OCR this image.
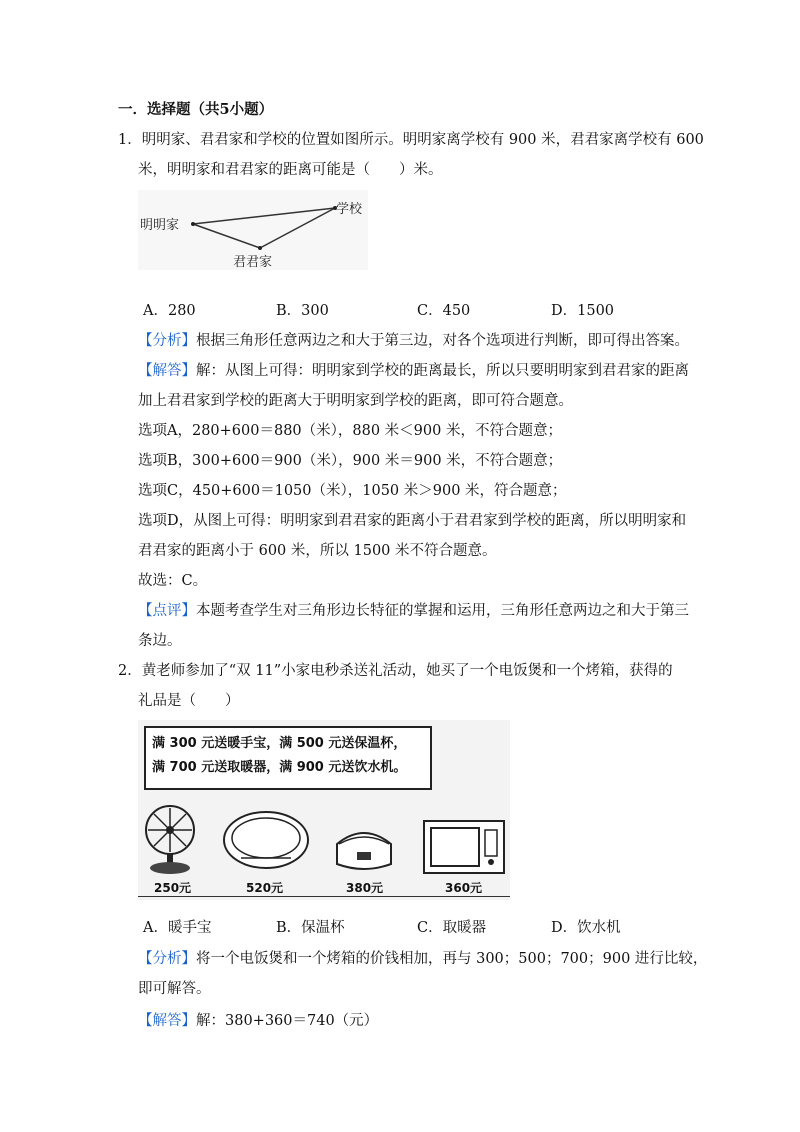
一．选择题（共5小题）
1．明明家、君君家和学校的位置如图所示。明明家离学校有 900 米，君君家离学校有 600
米，明明家和君君家的距离可能是（　　）米。
明明家
学校
君君家
A．280	B．300	C．450	D．1500
【分析】根据三角形任意两边之和大于第三边，对各个选项进行判断，即可得出答案。
【解答】解：从图上可得：明明家到学校的距离最长，所以只要明明家到君君家的距离
加上君君家到学校的距离大于明明家到学校的距离，即可符合题意。
选项A，280+600＝880（米），880 米＜900 米，不符合题意；
选项B，300+600＝900（米），900 米＝900 米，不符合题意；
选项C，450+600＝1050（米），1050 米＞900 米，符合题意；
选项D，从图上可得：明明家到君君家的距离小于君君家到学校的距离，所以明明家和
君君家的距离小于 600 米，所以 1500 米不符合题意。
故选：C。
【点评】本题考查学生对三角形边长特征的掌握和运用，三角形任意两边之和大于第三
条边。
2．黄老师参加了“双 11”小家电秒杀送礼活动，她买了一个电饭煲和一个烤箱，获得的
礼品是（　　）
满 300 元送暖手宝，满 500 元送保温杯，
满 700 元送取暖器，满 900 元送饮水机。
250元	520元	380元	360元
A．暖手宝	B．保温杯	C．取暖器	D．饮水机
【分析】将一个电饭煲和一个烤箱的价钱相加，再与 300；500；700；900 进行比较，
即可解答。
【解答】解：380+360＝740（元）
